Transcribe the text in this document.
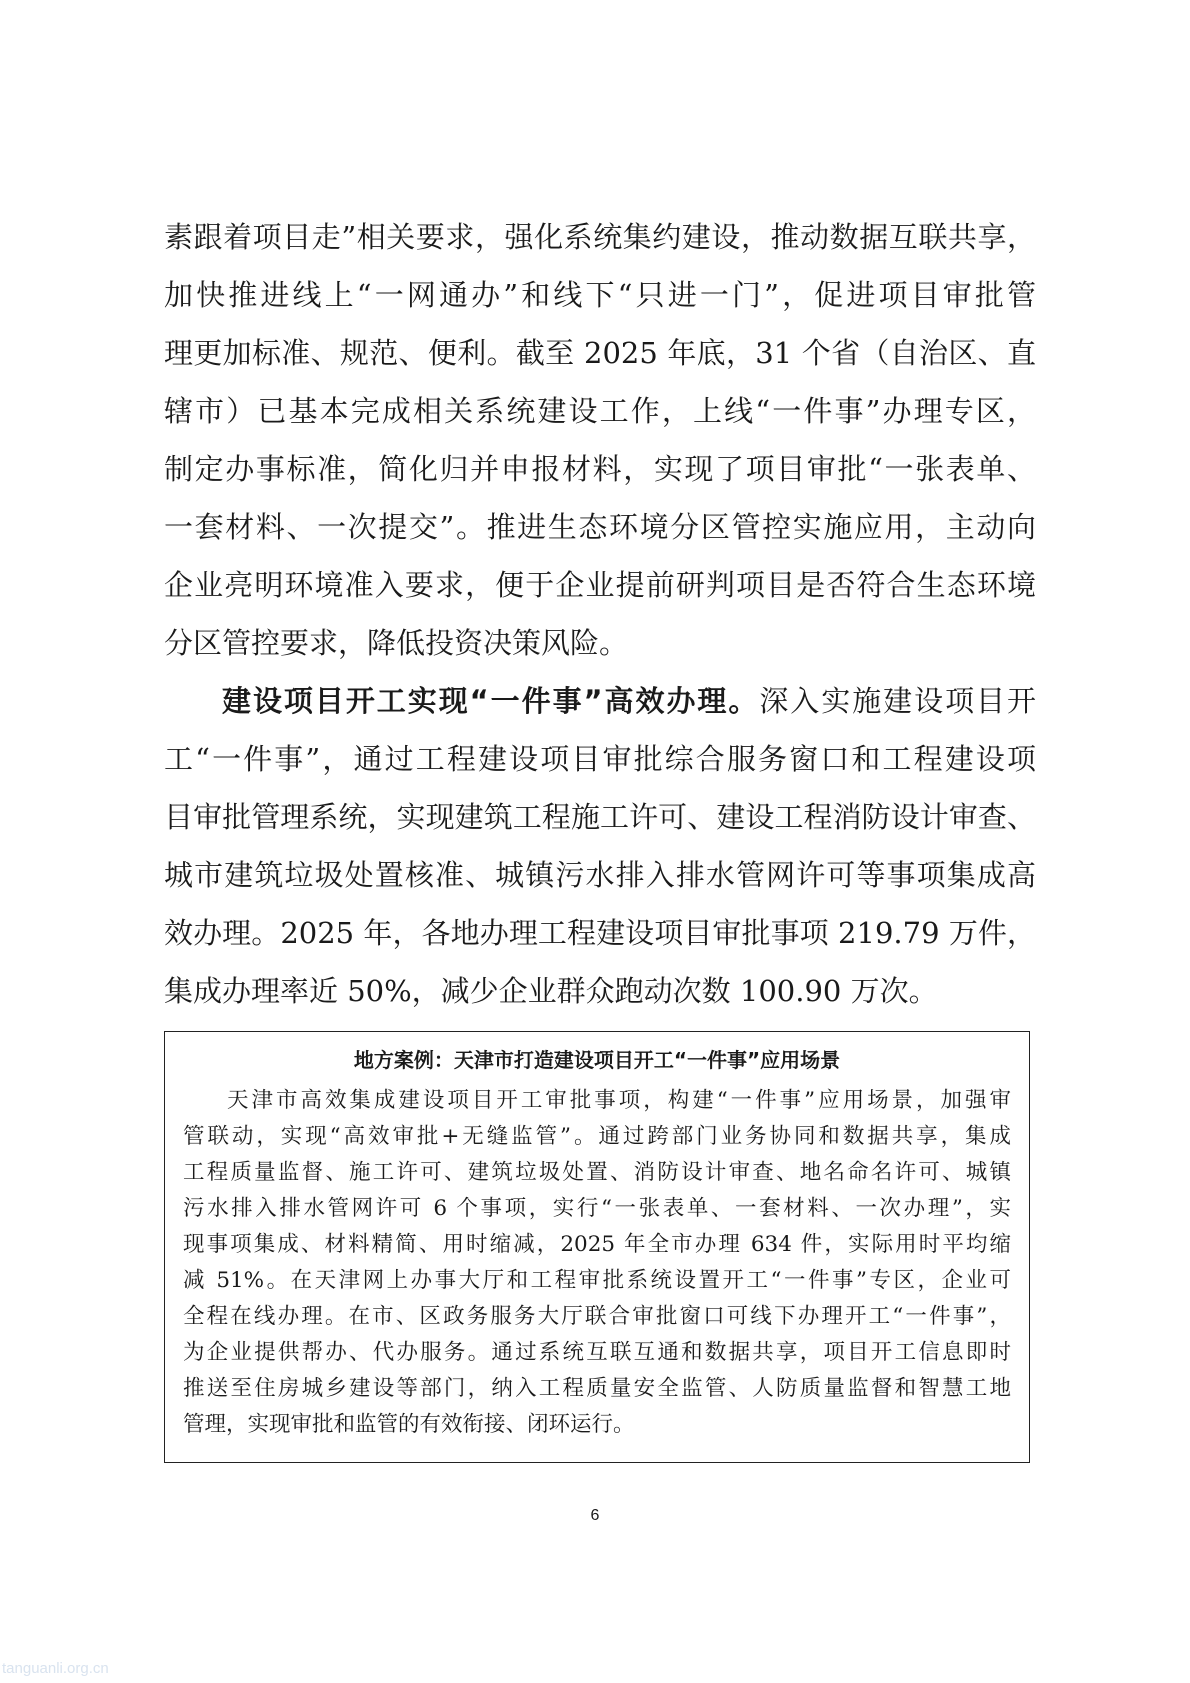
素跟着项目走”相关要求，强化系统集约建设，推动数据互联共享，
加快推进线上“一网通办”和线下“只进一门”，促进项目审批管
理更加标准、规范、便利。截至 2025 年底，31 个省（自治区、直
辖市）已基本完成相关系统建设工作，上线“一件事”办理专区，
制定办事标准，简化归并申报材料，实现了项目审批“一张表单、
一套材料、一次提交”。推进生态环境分区管控实施应用，主动向
企业亮明环境准入要求，便于企业提前研判项目是否符合生态环境
分区管控要求，降低投资决策风险。
建设项目开工实现“一件事”高效办理。深入实施建设项目开
工“一件事”，通过工程建设项目审批综合服务窗口和工程建设项
目审批管理系统，实现建筑工程施工许可、建设工程消防设计审查、
城市建筑垃圾处置核准、城镇污水排入排水管网许可等事项集成高
效办理。2025 年，各地办理工程建设项目审批事项 219.79 万件，
集成办理率近 50%，减少企业群众跑动次数 100.90 万次。
地方案例：天津市打造建设项目开工“一件事”应用场景
天津市高效集成建设项目开工审批事项，构建“一件事”应用场景，加强审
管联动，实现“高效审批+无缝监管”。通过跨部门业务协同和数据共享，集成
工程质量监督、施工许可、建筑垃圾处置、消防设计审查、地名命名许可、城镇
污水排入排水管网许可 6 个事项，实行“一张表单、一套材料、一次办理”，实
现事项集成、材料精简、用时缩减，2025 年全市办理 634 件，实际用时平均缩
减 51%。在天津网上办事大厅和工程审批系统设置开工“一件事”专区，企业可
全程在线办理。在市、区政务服务大厅联合审批窗口可线下办理开工“一件事”，
为企业提供帮办、代办服务。通过系统互联互通和数据共享，项目开工信息即时
推送至住房城乡建设等部门，纳入工程质量安全监管、人防质量监督和智慧工地
管理，实现审批和监管的有效衔接、闭环运行。
6
tanguanli.org.cn
